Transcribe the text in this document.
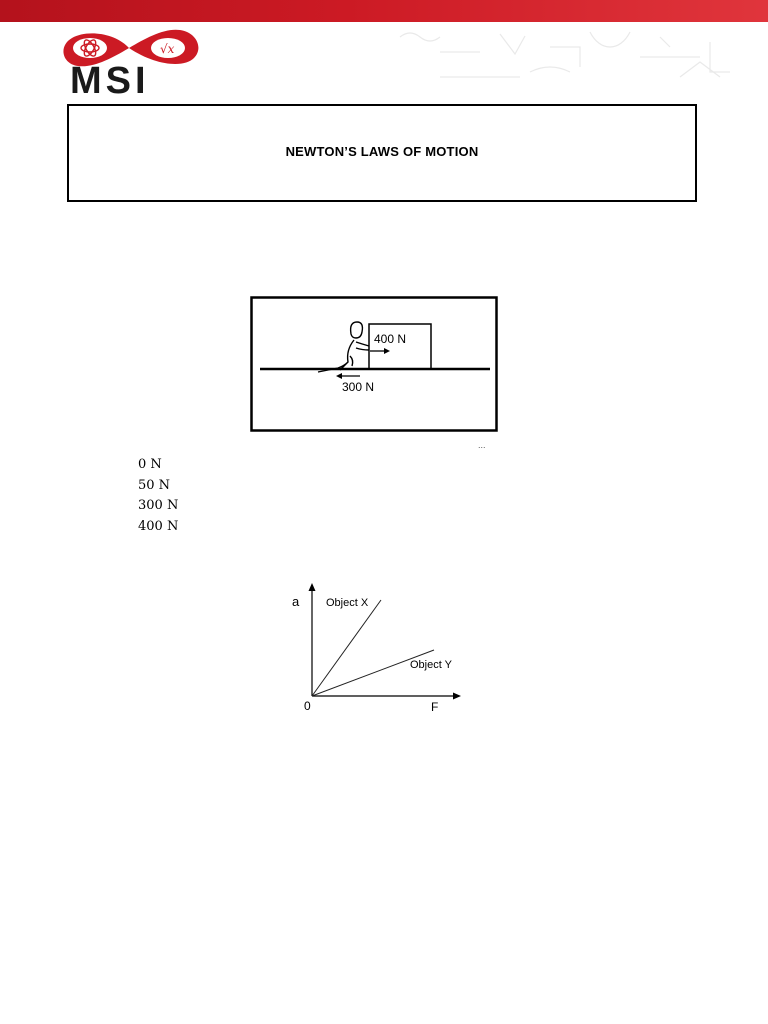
√x
MSI
NEWTON’S LAWS OF MOTION
400 N
300 N
...
0 N
50 N
300 N
400 N
a
F
0
Object X
Object Y
